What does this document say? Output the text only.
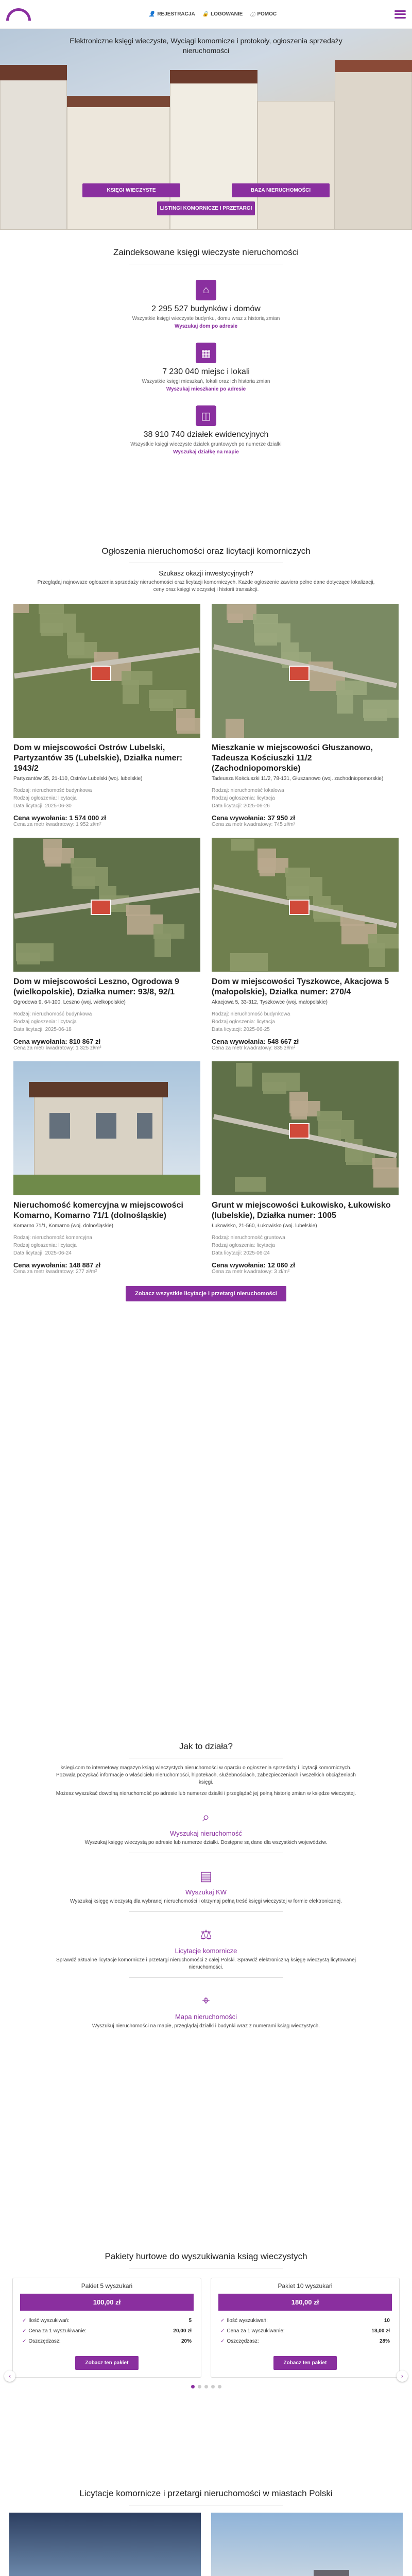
👤 REJESTRACJA 🔒 LOGOWANIE ⓘ POMOC
Elektroniczne księgi wieczyste, Wyciągi komornicze i protokoły, ogłoszenia sprzedaży nieruchomości
KSIĘGI WIECZYSTE	BAZA NIERUCHOMOŚCI
LISTINGI KOMORNICZE I PRZETARGI
Zaindeksowane księgi wieczyste nieruchomości
⌂
2 295 527 budynków i domów
Wszystkie księgi wieczyste budynku, domu wraz z historią zmian
Wyszukaj dom po adresie
▦
7 230 040 miejsc i lokali
Wszystkie księgi mieszkań, lokali oraz ich historia zmian
Wyszukaj mieszkanie po adresie
◫
38 910 740 działek ewidencyjnych
Wszystkie księgi wieczyste działek gruntowych po numerze działki
Wyszukaj działkę na mapie
Ogłoszenia nieruchomości oraz licytacji komorniczych
Szukasz okazji inwestycyjnych?
Przeglądaj najnowsze ogłoszenia sprzedaży nieruchomości oraz licytacji komorniczych. Każde ogłoszenie zawiera pełne dane dotyczące lokalizacji, ceny oraz księgi wieczystej i historii transakcji.
Dom w miejscowości Ostrów Lubelski, Partyzantów 35 (Lubelskie), Działka numer: 1943/2
Partyzantów 35, 21-110, Ostrów Lubelski (woj. lubelskie)
Rodzaj: nieruchomość budynkowa
Rodzaj ogłoszenia: licytacja
Data licytacji: 2025-06-30
Cena wywołania: 1 574 000 zł
Cena za metr kwadratowy: 1 952 zł/m²
Mieszkanie w miejscowości Głuszanowo, Tadeusza Kościuszki 11/2 (Zachodniopomorskie)
Tadeusza Kościuszki 11/2, 78-131, Głuszanowo (woj. zachodniopomorskie)
Rodzaj: nieruchomość lokalowa
Rodzaj ogłoszenia: licytacja
Data licytacji: 2025-06-26
Cena wywołania: 37 950 zł
Cena za metr kwadratowy: 745 zł/m²
Dom w miejscowości Leszno, Ogrodowa 9 (wielkopolskie), Działka numer: 93/8, 92/1
Ogrodowa 9, 64-100, Leszno (woj. wielkopolskie)
Rodzaj: nieruchomość budynkowa
Rodzaj ogłoszenia: licytacja
Data licytacji: 2025-06-18
Cena wywołania: 810 867 zł
Cena za metr kwadratowy: 1 325 zł/m²
Dom w miejscowości Tyszkowce, Akacjowa 5 (małopolskie), Działka numer: 270/4
Akacjowa 5, 33-312, Tyszkowce (woj. małopolskie)
Rodzaj: nieruchomość budynkowa
Rodzaj ogłoszenia: licytacja
Data licytacji: 2025-06-25
Cena wywołania: 548 667 zł
Cena za metr kwadratowy: 835 zł/m²
Nieruchomość komercyjna w miejscowości Komarno, Komarno 71/1 (dolnośląskie)
Komarno 71/1, Komarno (woj. dolnośląskie)
Rodzaj: nieruchomość komercyjna
Rodzaj ogłoszenia: licytacja
Data licytacji: 2025-06-24
Cena wywołania: 148 887 zł
Cena za metr kwadratowy: 277 zł/m²
Grunt w miejscowości Łukowisko, Łukowisko (lubelskie), Działka numer: 1005
Łukowisko, 21-560, Łukowisko (woj. lubelskie)
Rodzaj: nieruchomość gruntowa
Rodzaj ogłoszenia: licytacja
Data licytacji: 2025-06-24
Cena wywołania: 12 060 zł
Cena za metr kwadratowy: 3 zł/m²
Zobacz wszystkie licytacje i przetargi nieruchomości
Jak to działa?

ksiegi.com to internetowy magazyn ksiąg wieczystych nieruchomości w oparciu o ogłoszenia sprzedaży i licytacji komorniczych. Pozwala pozyskać informacje o właścicielu nieruchomości, hipotekach, służebnościach, zabezpieczeniach i wszelkich obciążeniach księgi.

Możesz wyszukać dowolną nieruchomość po adresie lub numerze działki i przeglądać jej pełną historię zmian w księdze wieczystej.

⌕
Wyszukaj nieruchomość

Wyszukaj księgę wieczystą po adresie lub numerze działki. Dostępne są dane dla wszystkich województw.

▤
Wyszukaj KW

Wyszukaj księgę wieczystą dla wybranej nieruchomości i otrzymaj pełną treść księgi wieczystej w formie elektronicznej.

⚖
Licytacje komornicze

Sprawdź aktualne licytacje komornicze i przetargi nieruchomości z całej Polski. Sprawdź elektroniczną księgę wieczystą licytowanej nieruchomości.

⌖
Mapa nieruchomości

Wyszukuj nieruchomości na mapie, przeglądaj działki i budynki wraz z numerami ksiąg wieczystych.

Pakiety hurtowe do wyszukiwania ksiąg wieczystych
Pakiet 5 wyszukań
100,00 zł
✓ Ilość wyszukiwań:	5
✓ Cena za 1 wyszukiwanie:	20,00 zł
✓ Oszczędzasz:	20%
Zobacz ten pakiet
Pakiet 10 wyszukań
180,00 zł
✓ Ilość wyszukiwań:	10
✓ Cena za 1 wyszukiwanie:	18,00 zł
✓ Oszczędzasz:	28%
Zobacz ten pakiet
‹	›
Licytacje komornicze i przetargi nieruchomości w miastach Polski
